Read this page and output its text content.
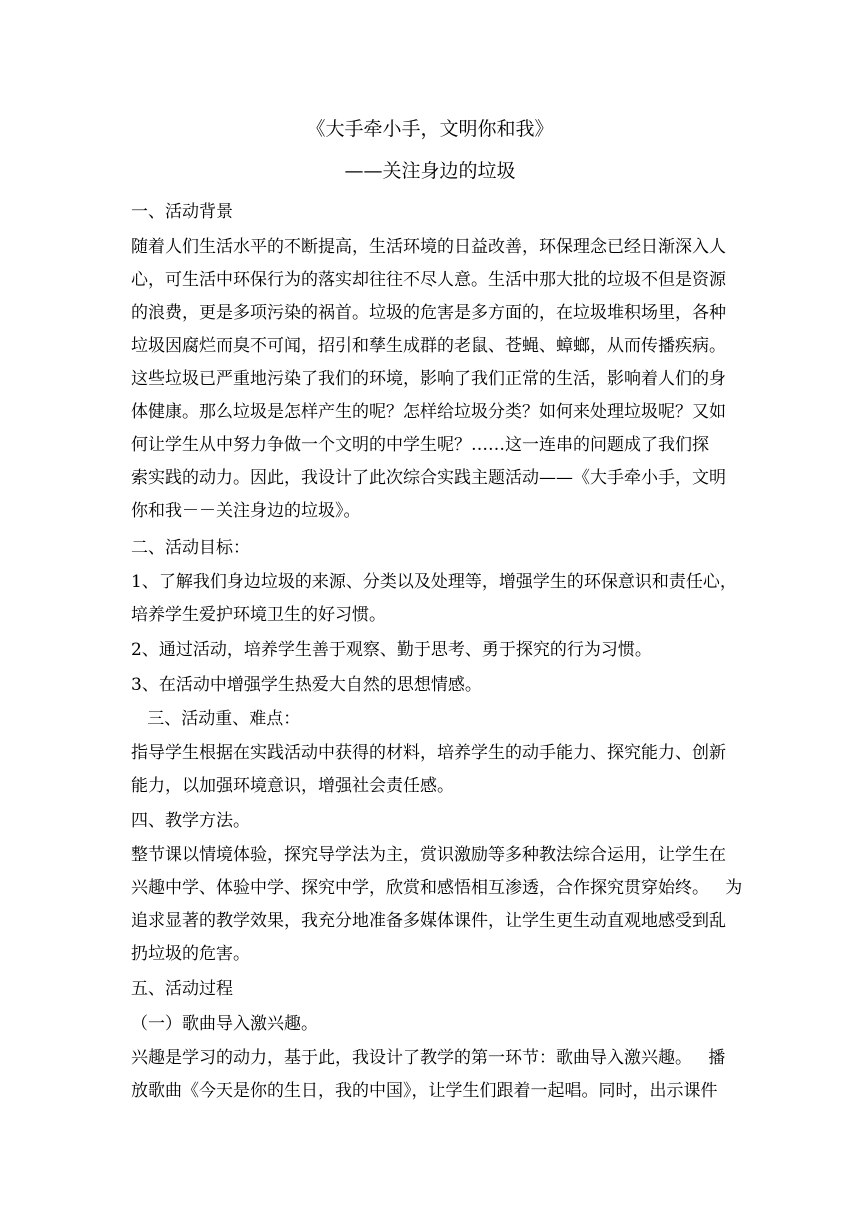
《大手牵小手，文明你和我》

——关注身边的垃圾

一、活动背景

随着人们生活水平的不断提高，生活环境的日益改善，环保理念已经日渐深入人

心，可生活中环保行为的落实却往往不尽人意。生活中那大批的垃圾不但是资源

的浪费，更是多项污染的祸首。垃圾的危害是多方面的，在垃圾堆积场里，各种

垃圾因腐烂而臭不可闻，招引和孳生成群的老鼠、苍蝇、蟑螂，从而传播疾病。

这些垃圾已严重地污染了我们的环境，影响了我们正常的生活，影响着人们的身

体健康。那么垃圾是怎样产生的呢？怎样给垃圾分类？如何来处理垃圾呢？又如

何让学生从中努力争做一个文明的中学生呢？……这一连串的问题成了我们探

索实践的动力。因此，我设计了此次综合实践主题活动——《大手牵小手，文明

你和我－－关注身边的垃圾》。

二、活动目标：

1、了解我们身边垃圾的来源、分类以及处理等，增强学生的环保意识和责任心，

培养学生爱护环境卫生的好习惯。

2、通过活动，培养学生善于观察、勤于思考、勇于探究的行为习惯。

3、在活动中增强学生热爱大自然的思想情感。

三、活动重、难点：

指导学生根据在实践活动中获得的材料，培养学生的动手能力、探究能力、创新

能力，以加强环境意识，增强社会责任感。

四、教学方法。

整节课以情境体验，探究导学法为主，赏识激励等多种教法综合运用，让学生在

兴趣中学、体验中学、探究中学，欣赏和感悟相互渗透，合作探究贯穿始终。   为

追求显著的教学效果，我充分地准备多媒体课件，让学生更生动直观地感受到乱

扔垃圾的危害。

五、活动过程

（一）歌曲导入激兴趣。

兴趣是学习的动力，基于此，我设计了教学的第一环节：歌曲导入激兴趣。   播

放歌曲《今天是你的生日，我的中国》，让学生们跟着一起唱。同时，出示课件
